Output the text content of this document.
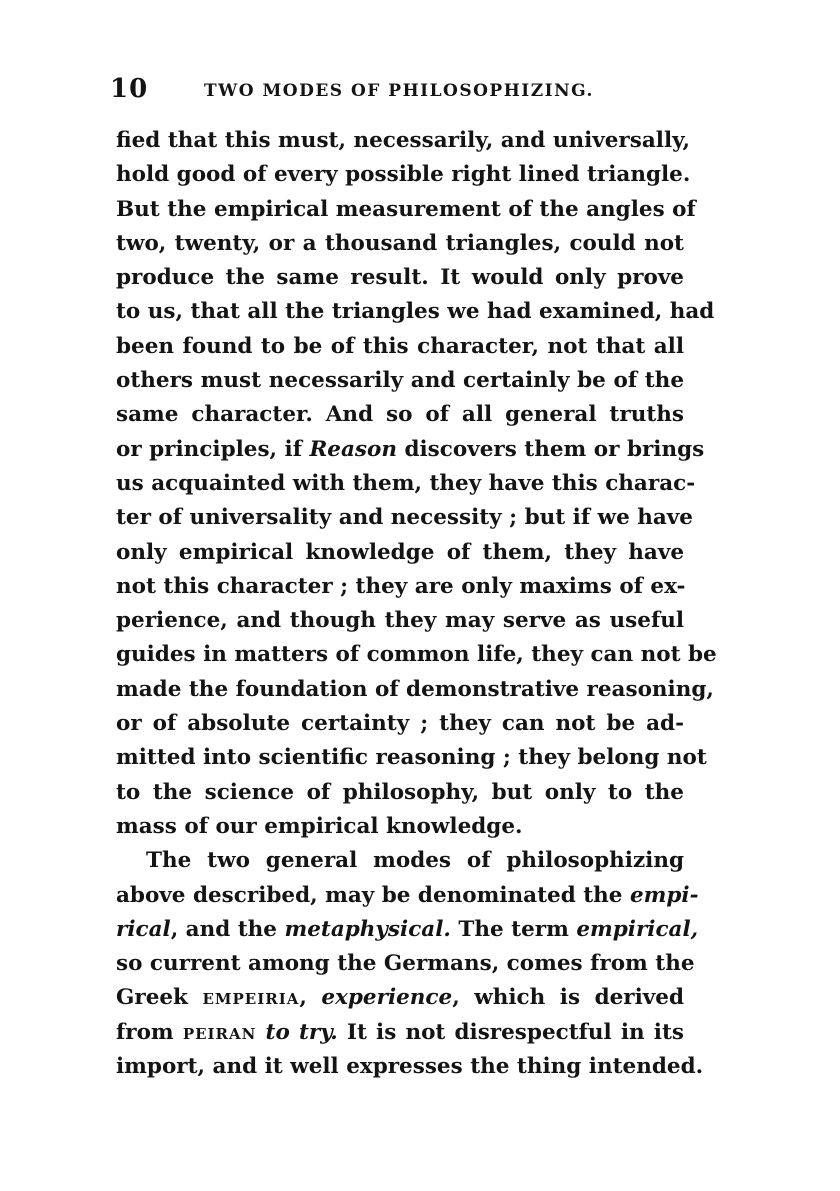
10	TWO MODES OF PHILOSOPHIZING.
fied that this must, necessarily, and universally,
hold good of every possible right lined triangle.
But the empirical measurement of the angles of
two, twenty, or a thousand triangles, could not
produce the same result. It would only prove
to us, that all the triangles we had examined, had
been found to be of this character, not that all
others must necessarily and certainly be of the
same character. And so of all general truths
or principles, if Reason discovers them or brings
us acquainted with them, they have this charac-
ter of universality and necessity ; but if we have
only empirical knowledge of them, they have
not this character ; they are only maxims of ex-
perience, and though they may serve as useful
guides in matters of common life, they can not be
made the foundation of demonstrative reasoning,
or of absolute certainty ; they can not be ad-
mitted into scientific reasoning ; they belong not
to the science of philosophy, but only to the
mass of our empirical knowledge.
The two general modes of philosophizing
above described, may be denominated the empi-
rical, and the metaphysical. The term empirical,
so current among the Germans, comes from the
Greek EMPEIRIA, experience, which is derived
from PEIRAN to try. It is not disrespectful in its
import, and it well expresses the thing intended.
